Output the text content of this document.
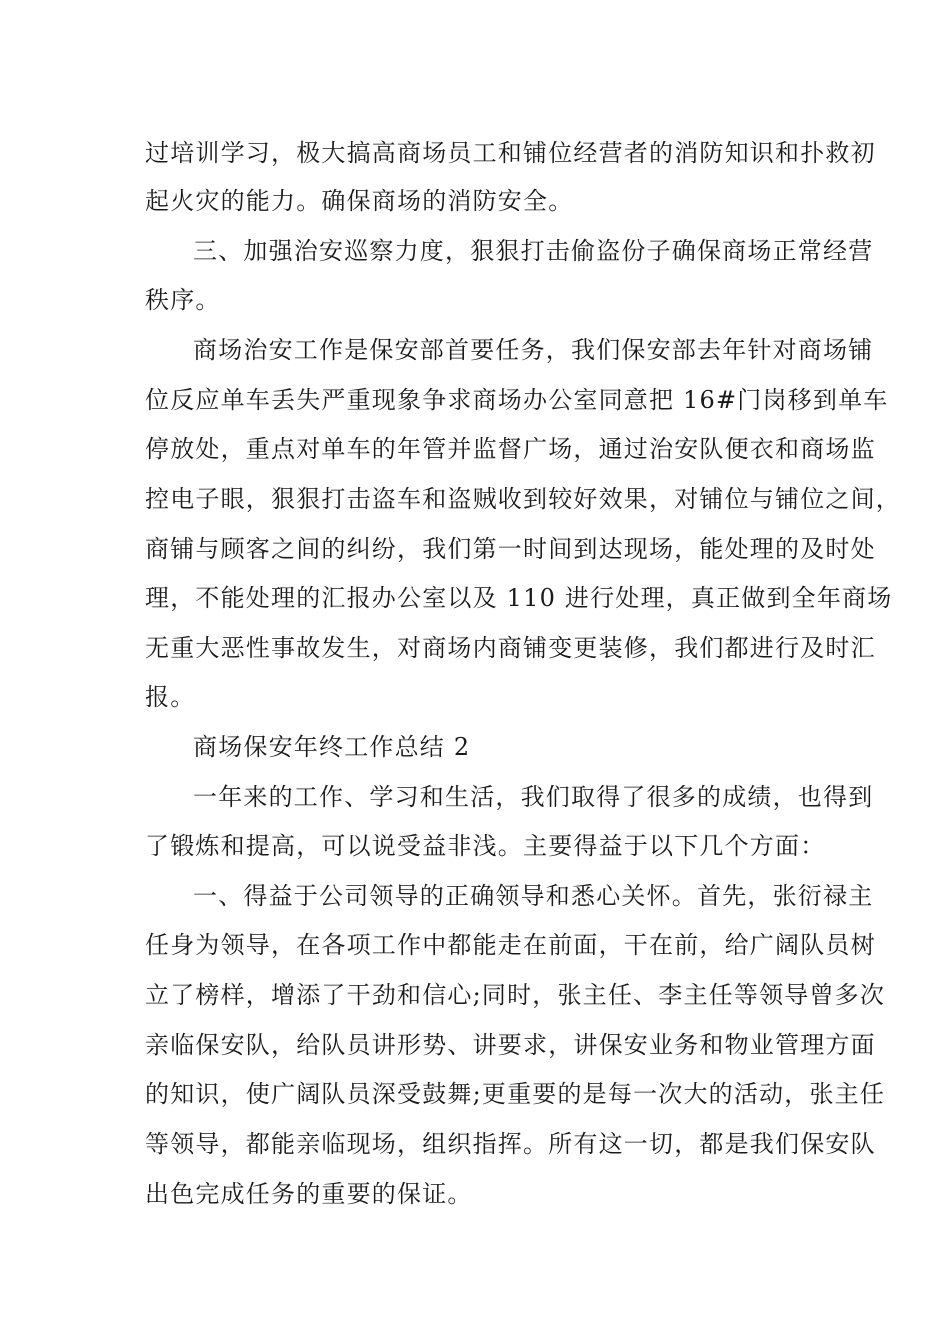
过培训学习，极大搞高商场员工和铺位经营者的消防知识和扑救初
起火灾的能力。确保商场的消防安全。
三、加强治安巡察力度，狠狠打击偷盗份子确保商场正常经营
秩序。
商场治安工作是保安部首要任务，我们保安部去年针对商场铺
位反应单车丢失严重现象争求商场办公室同意把 16#门岗移到单车
停放处，重点对单车的年管并监督广场，通过治安队便衣和商场监
控电子眼，狠狠打击盗车和盗贼收到较好效果，对铺位与铺位之间，
商铺与顾客之间的纠纷，我们第一时间到达现场，能处理的及时处
理，不能处理的汇报办公室以及 110 进行处理，真正做到全年商场
无重大恶性事故发生，对商场内商铺变更装修，我们都进行及时汇
报。
商场保安年终工作总结 2
一年来的工作、学习和生活，我们取得了很多的成绩，也得到
了锻炼和提高，可以说受益非浅。主要得益于以下几个方面：
一、得益于公司领导的正确领导和悉心关怀。首先，张衍禄主
任身为领导，在各项工作中都能走在前面，干在前，给广阔队员树
立了榜样，增添了干劲和信心;同时，张主任、李主任等领导曾多次
亲临保安队，给队员讲形势、讲要求，讲保安业务和物业管理方面
的知识，使广阔队员深受鼓舞;更重要的是每一次大的活动，张主任
等领导，都能亲临现场，组织指挥。所有这一切，都是我们保安队
出色完成任务的重要的保证。
